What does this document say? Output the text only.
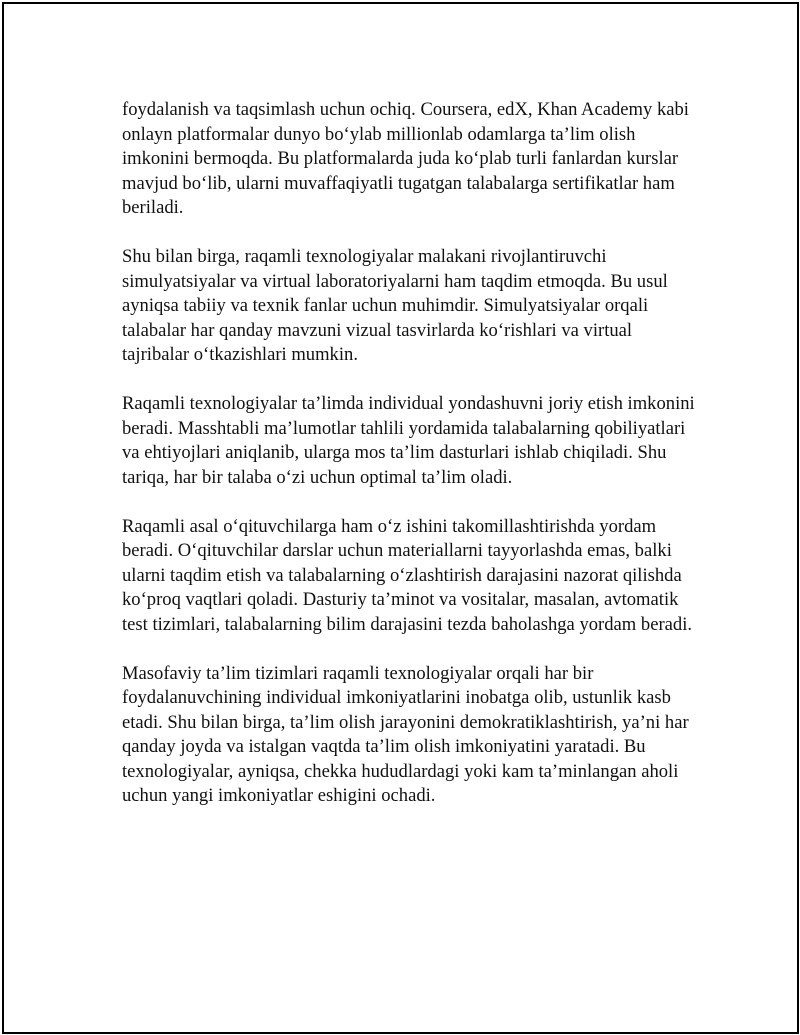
foydalanish va taqsimlash uchun ochiq. Coursera, edX, Khan Academy kabi
onlayn platformalar dunyo bo‘ylab millionlab odamlarga ta’lim olish
imkonini bermoqda. Bu platformalarda juda ko‘plab turli fanlardan kurslar
mavjud bo‘lib, ularni muvaffaqiyatli tugatgan talabalarga sertifikatlar ham
beriladi.

Shu bilan birga, raqamli texnologiyalar malakani rivojlantiruvchi
simulyatsiyalar va virtual laboratoriyalarni ham taqdim etmoqda. Bu usul
ayniqsa tabiiy va texnik fanlar uchun muhimdir. Simulyatsiyalar orqali
talabalar har qanday mavzuni vizual tasvirlarda ko‘rishlari va virtual
tajribalar o‘tkazishlari mumkin.

Raqamli texnologiyalar ta’limda individual yondashuvni joriy etish imkonini
beradi. Masshtabli ma’lumotlar tahlili yordamida talabalarning qobiliyatlari
va ehtiyojlari aniqlanib, ularga mos ta’lim dasturlari ishlab chiqiladi. Shu
tariqa, har bir talaba o‘zi uchun optimal ta’lim oladi.

Raqamli asal o‘qituvchilarga ham o‘z ishini takomillashtirishda yordam
beradi. O‘qituvchilar darslar uchun materiallarni tayyorlashda emas, balki
ularni taqdim etish va talabalarning o‘zlashtirish darajasini nazorat qilishda
ko‘proq vaqtlari qoladi. Dasturiy ta’minot va vositalar, masalan, avtomatik
test tizimlari, talabalarning bilim darajasini tezda baholashga yordam beradi.

Masofaviy ta’lim tizimlari raqamli texnologiyalar orqali har bir
foydalanuvchining individual imkoniyatlarini inobatga olib, ustunlik kasb
etadi. Shu bilan birga, ta’lim olish jarayonini demokratiklashtirish, ya’ni har
qanday joyda va istalgan vaqtda ta’lim olish imkoniyatini yaratadi. Bu
texnologiyalar, ayniqsa, chekka hududlardagi yoki kam ta’minlangan aholi
uchun yangi imkoniyatlar eshigini ochadi.
